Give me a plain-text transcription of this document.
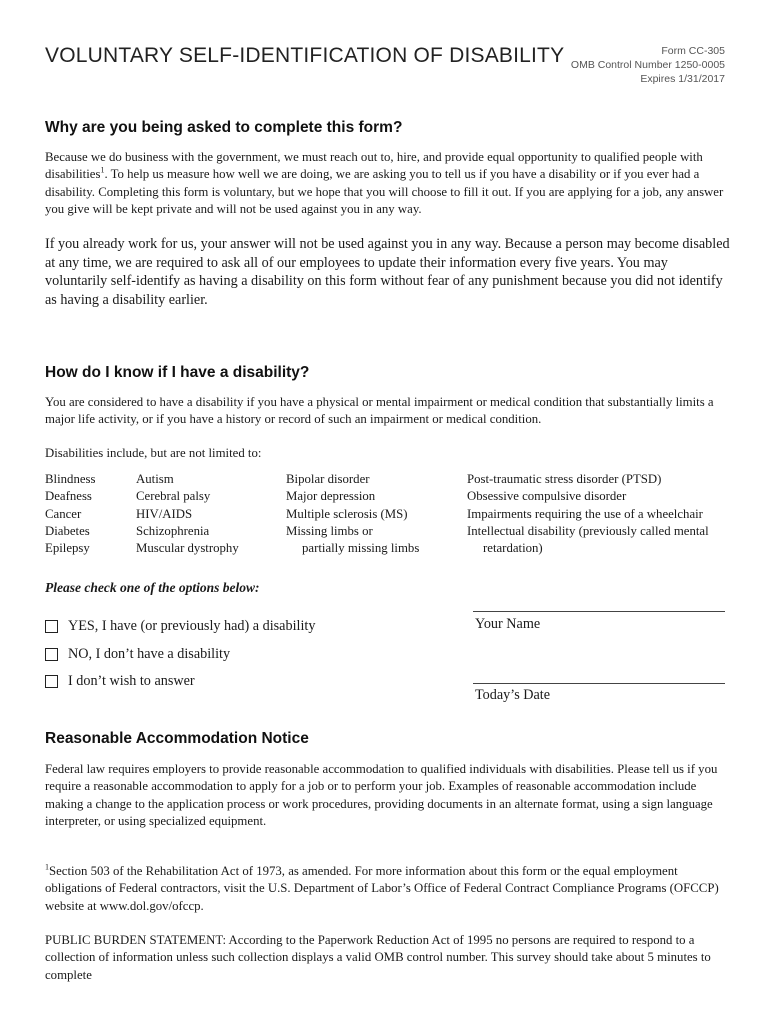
VOLUNTARY SELF-IDENTIFICATION OF DISABILITY	Form CC-305
OMB Control Number 1250-0005
Expires 1/31/2017
Why are you being asked to complete this form?
Because we do business with the government, we must reach out to, hire, and provide equal opportunity to qualified people with disabilities$^1$. To help us measure how well we are doing, we are asking you to tell us if you have a disability or if you ever had a disability. Completing this form is voluntary, but we hope that you will choose to fill it out. If you are applying for a job, any answer you give will be kept private and will not be used against you in any way.
If you already work for us, your answer will not be used against you in any way. Because a person may become disabled at any time, we are required to ask all of our employees to update their information every five years. You may voluntarily self-identify as having a disability on this form without fear of any punishment because you did not identify as having a disability earlier.
How do I know if I have a disability?
You are considered to have a disability if you have a physical or mental impairment or medical condition that substantially limits a major life activity, or if you have a history or record of such an impairment or medical condition.
Disabilities include, but are not limited to:
Blindness
Deafness
Cancer
Diabetes
Epilepsy
Autism
Cerebral palsy
HIV/AIDS
Schizophrenia
Muscular dystrophy
Bipolar disorder
Major depression
Multiple sclerosis (MS)
Missing limbs or
partially missing limbs
Post-traumatic stress disorder (PTSD)
Obsessive compulsive disorder
Impairments requiring the use of a wheelchair
Intellectual disability (previously called mental
retardation)
Please check one of the options below:
YES, I have (or previously had) a disability
NO, I don’t have a disability
I don’t wish to answer
Your Name
Today’s Date
Reasonable Accommodation Notice
Federal law requires employers to provide reasonable accommodation to qualified individuals with disabilities. Please tell us if you require a reasonable accommodation to apply for a job or to perform your job. Examples of reasonable accommodation include making a change to the application process or work procedures, providing documents in an alternate format, using a sign language interpreter, or using specialized equipment.
$^1$Section 503 of the Rehabilitation Act of 1973, as amended. For more information about this form or the equal employment obligations of Federal contractors, visit the U.S. Department of Labor’s Office of Federal Contract Compliance Programs (OFCCP) website at www.dol.gov/ofccp.
PUBLIC BURDEN STATEMENT: According to the Paperwork Reduction Act of 1995 no persons are required to respond to a collection of information unless such collection displays a valid OMB control number. This survey should take about 5 minutes to complete
